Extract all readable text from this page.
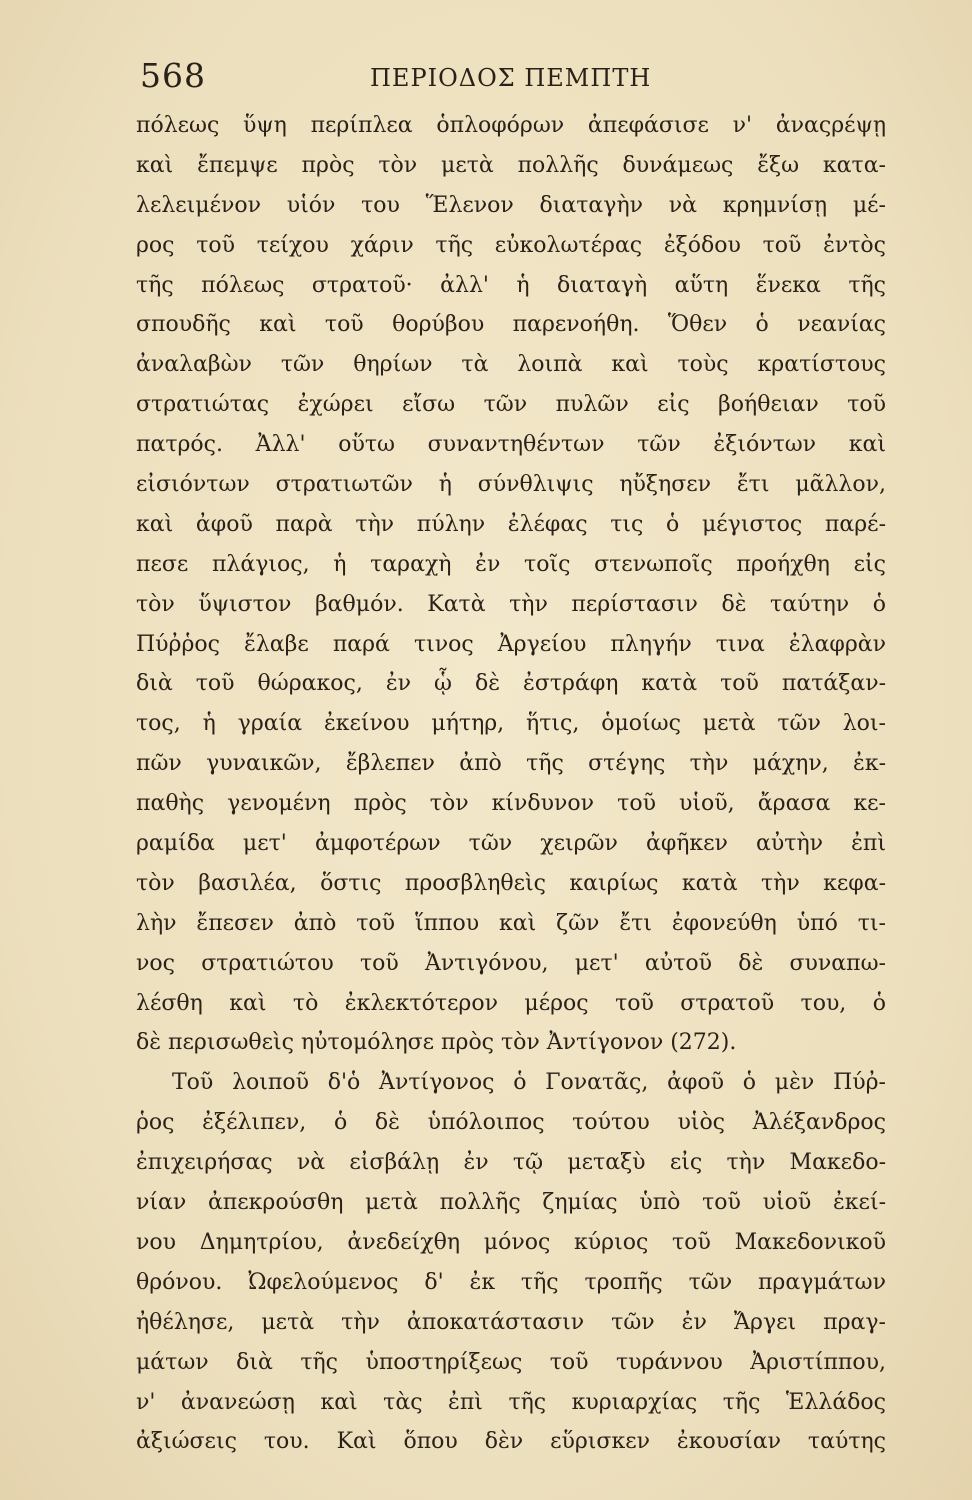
568	ΠΕΡΙΟΔΟΣ ΠΕΜΠΤΗ
πόλεως ὕψη περίπλεα ὁπλοφόρων ἀπεφάσισε ν' ἀναςρέψῃ
καὶ ἔπεμψε πρὸς τὸν μετὰ πολλῆς δυνάμεως ἔξω κατα-
λελειμένον υἱόν του Ἕλενον διαταγὴν νὰ κρημνίσῃ μέ-
ρος τοῦ τείχου χάριν τῆς εὐκολωτέρας ἐξόδου τοῦ ἐντὸς
τῆς πόλεως στρατοῦ· ἀλλ' ἡ διαταγὴ αὕτη ἕνεκα τῆς
σπουδῆς καὶ τοῦ θορύβου παρενοήθη. Ὅθεν ὁ νεανίας
ἀναλαβὼν τῶν θηρίων τὰ λοιπὰ καὶ τοὺς κρατίστους
στρατιώτας ἐχώρει εἴσω τῶν πυλῶν εἰς βοήθειαν τοῦ
πατρός. Ἀλλ' οὕτω συναντηθέντων τῶν ἐξιόντων καὶ
εἰσιόντων στρατιωτῶν ἡ σύνθλιψις ηὔξησεν ἔτι μᾶλλον,
καὶ ἀφοῦ παρὰ τὴν πύλην ἐλέφας τις ὁ μέγιστος παρέ-
πεσε πλάγιος, ἡ ταραχὴ ἐν τοῖς στενωποῖς προήχθη εἰς
τὸν ὕψιστον βαθμόν. Κατὰ τὴν περίστασιν δὲ ταύτην ὁ
Πύῤῥος ἔλαβε παρά τινος Ἀργείου πληγήν τινα ἐλαφρὰν
διὰ τοῦ θώρακος, ἐν ᾧ δὲ ἐστράφη κατὰ τοῦ πατάξαν-
τος, ἡ γραία ἐκείνου μήτηρ, ἥτις, ὁμοίως μετὰ τῶν λοι-
πῶν γυναικῶν, ἔβλεπεν ἀπὸ τῆς στέγης τὴν μάχην, ἐκ-
παθὴς γενομένη πρὸς τὸν κίνδυνον τοῦ υἱοῦ, ἄρασα κε-
ραμίδα μετ' ἀμφοτέρων τῶν χειρῶν ἀφῆκεν αὐτὴν ἐπὶ
τὸν βασιλέα, ὅστις προσβληθεὶς καιρίως κατὰ τὴν κεφα-
λὴν ἔπεσεν ἀπὸ τοῦ ἵππου καὶ ζῶν ἔτι ἐφονεύθη ὑπό τι-
νος στρατιώτου τοῦ Ἀντιγόνου, μετ' αὐτοῦ δὲ συναπω-
λέσθη καὶ τὸ ἐκλεκτότερον μέρος τοῦ στρατοῦ του, ὁ
δὲ περισωθεὶς ηὐτομόλησε πρὸς τὸν Ἀντίγονον (272).
Τοῦ λοιποῦ δ'ὁ Ἀντίγονος ὁ Γονατᾶς, ἀφοῦ ὁ μὲν Πύῤ-
ῥος ἐξέλιπεν, ὁ δὲ ὑπόλοιπος τούτου υἱὸς Ἀλέξανδρος
ἐπιχειρήσας νὰ εἰσβάλῃ ἐν τῷ μεταξὺ εἰς τὴν Μακεδο-
νίαν ἀπεκρούσθη μετὰ πολλῆς ζημίας ὑπὸ τοῦ υἱοῦ ἐκεί-
νου Δημητρίου, ἀνεδείχθη μόνος κύριος τοῦ Μακεδονικοῦ
θρόνου. Ὠφελούμενος δ' ἐκ τῆς τροπῆς τῶν πραγμάτων
ἠθέλησε, μετὰ τὴν ἀποκατάστασιν τῶν ἐν Ἄργει πραγ-
μάτων διὰ τῆς ὑποστηρίξεως τοῦ τυράννου Ἀριστίππου,
ν' ἀνανεώσῃ καὶ τὰς ἐπὶ τῆς κυριαρχίας τῆς Ἑλλάδος
ἀξιώσεις του. Καὶ ὅπου δὲν εὕρισκεν ἐκουσίαν ταύτης
